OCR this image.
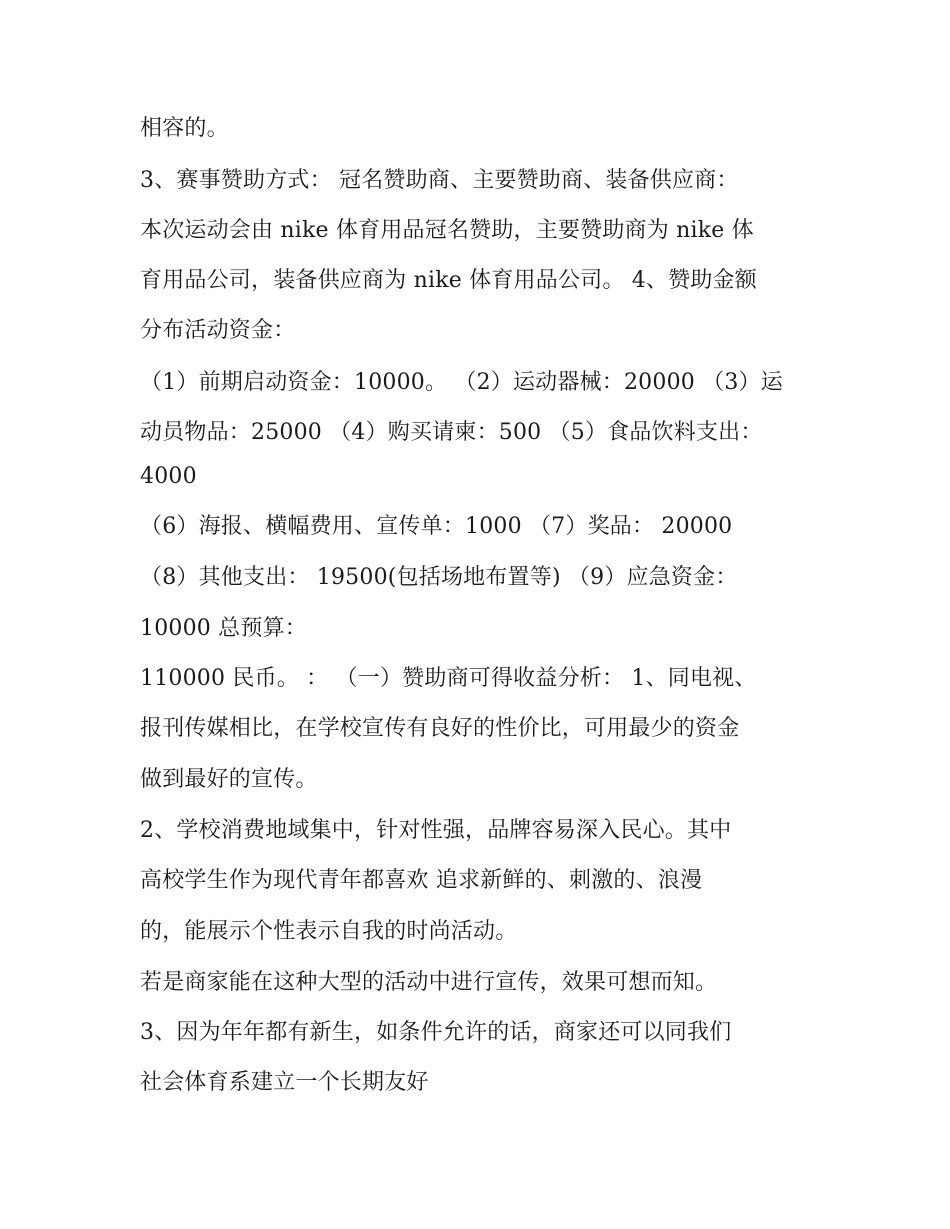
相容的。
3、赛事赞助方式： 冠名赞助商、主要赞助商、装备供应商：
本次运动会由 nike 体育用品冠名赞助，主要赞助商为 nike 体
育用品公司，装备供应商为 nike 体育用品公司。 4、赞助金额
分布活动资金：
（1）前期启动资金：10000。 （2）运动器械：20000 （3）运
动员物品：25000 （4）购买请柬：500 （5）食品饮料支出：
4000
（6）海报、横幅费用、宣传单：1000 （7）奖品： 20000
（8）其他支出： 19500(包括场地布置等) （9）应急资金：
10000 总预算：
110000 民币。 ： （一）赞助商可得收益分析： 1、同电视、
报刊传媒相比，在学校宣传有良好的性价比，可用最少的资金
做到最好的宣传。
2、学校消费地域集中，针对性强，品牌容易深入民心。其中
高校学生作为现代青年都喜欢 追求新鲜的、刺激的、浪漫
的，能展示个性表示自我的时尚活动。
若是商家能在这种大型的活动中进行宣传，效果可想而知。
3、因为年年都有新生，如条件允许的话，商家还可以同我们
社会体育系建立一个长期友好
